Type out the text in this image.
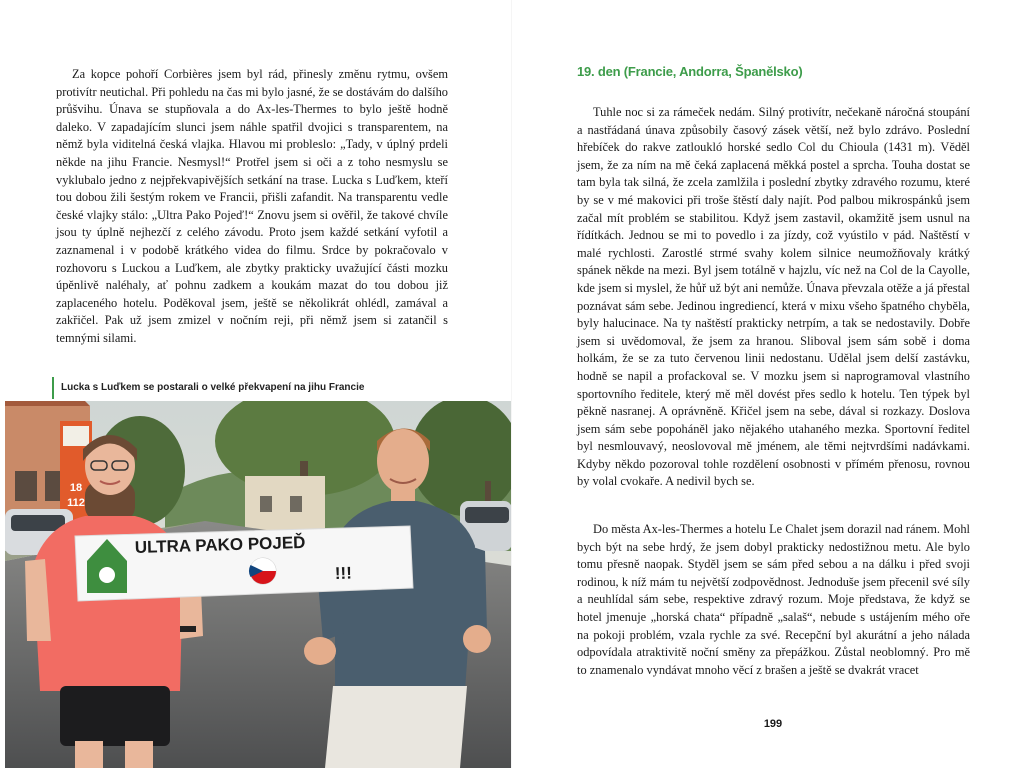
Za kopce pohoří Corbières jsem byl rád, přinesly změnu rytmu, ovšem protivítr neutichal. Při pohledu na čas mi bylo jasné, že se dostávám do dalšího průšvihu. Únava se stupňovala a do Ax-les-Thermes to bylo ještě hodně daleko. V zapadajícím slunci jsem náhle spatřil dvojici s transparentem, na němž byla viditelná česká vlajka. Hlavou mi probleslo: „Tady, v úplný prdeli někde na jihu Francie. Nesmysl!“ Protřel jsem si oči a z toho nesmyslu se vyklubalo jedno z nejpřekvapivějších setkání na trase. Lucka s Luďkem, kteří tou dobou žili šestým rokem ve Francii, přišli zafandit. Na transparentu vedle české vlajky stálo: „Ultra Pako Pojeď!“ Znovu jsem si ověřil, že takové chvíle jsou ty úplně nejhezčí z celého závodu. Proto jsem každé setkání vyfotil a zaznamenal i v podobě krátkého videa do filmu. Srdce by pokračovalo v rozhovoru s Luckou a Luďkem, ale zbytky prakticky uvažující části mozku úpěnlivě naléhaly, ať pohnu zadkem a koukám mazat do tou dobou již zaplaceného hotelu. Poděkoval jsem, ještě se několikrát ohlédl, zamával a zakřičel. Pak už jsem zmizel v nočním reji, při němž jsem si zatančil s temnými silami.

Lucka s Luďkem se postarali o velké překvapení na jihu Francie
18
112
ULTRA PAKO POJEĎ
!!!
19. den (Francie, Andorra, Španělsko)

Tuhle noc si za rámeček nedám. Silný protivítr, nečekaně náročná stoupání a nastřádaná únava způsobily časový zásek větší, než bylo zdrávo. Poslední hřebíček do rakve zatloukló horské sedlo Col du Chioula (1431 m). Věděl jsem, že za ním na mě čeká zaplacená měkká postel a sprcha. Touha dostat se tam byla tak silná, že zcela zamlžila i poslední zbytky zdravého rozumu, které by se v mé makovici při troše štěstí daly najít. Pod palbou mikrospánků jsem začal mít problém se stabilitou. Když jsem zastavil, okamžitě jsem usnul na řídítkách. Jednou se mi to povedlo i za jízdy, což vyústilo v pád. Naštěstí v malé rychlosti. Zarostlé strmé svahy kolem silnice neumožňovaly krátký spánek někde na mezi. Byl jsem totálně v hajzlu, víc než na Col de la Cayolle, kde jsem si myslel, že hůř už být ani nemůže. Únava převzala otěže a já přestal poznávat sám sebe. Jedinou ingrediencí, která v mixu všeho špatného chyběla, byly halucinace. Na ty naštěstí prakticky netrpím, a tak se nedostavily. Dobře jsem si uvědomoval, že jsem za hranou. Sliboval jsem sám sobě i doma holkám, že se za tuto červenou linii nedostanu. Udělal jsem delší zastávku, hodně se napil a profackoval se. V mozku jsem si naprogramoval vlastního sportovního ředitele, který mě měl dovést přes sedlo k hotelu. Ten týpek byl pěkně nasranej. A oprávněně. Křičel jsem na sebe, dával si rozkazy. Doslova jsem sám sebe popoháněl jako nějakého utahaného mezka. Sportovní ředitel byl nesmlouvavý, neoslovoval mě jménem, ale těmi nejtvrdšími nadávkami. Kdyby někdo pozoroval tohle rozdělení osobnosti v přímém přenosu, rovnou by volal cvokaře. A nedivil bych se.

Do města Ax-les-Thermes a hotelu Le Chalet jsem dorazil nad ránem. Mohl bych být na sebe hrdý, že jsem dobyl prakticky nedostižnou metu. Ale bylo tomu přesně naopak. Styděl jsem se sám před sebou a na dálku i před svoji rodinou, k níž mám tu největší zodpovědnost. Jednoduše jsem přecenil své síly a neuhlídal sám sebe, respektive zdravý rozum. Moje představa, že když se hotel jmenuje „horská chata“ případně „salaš“, nebude s ustájením mého oře na pokoji problém, vzala rychle za své. Recepční byl akurátní a jeho nálada odpovídala atraktivitě noční směny za přepážkou. Zůstal neoblomný. Pro mě to znamenalo vyndávat mnoho věcí z brašen a ještě se dvakrát vracet

199
